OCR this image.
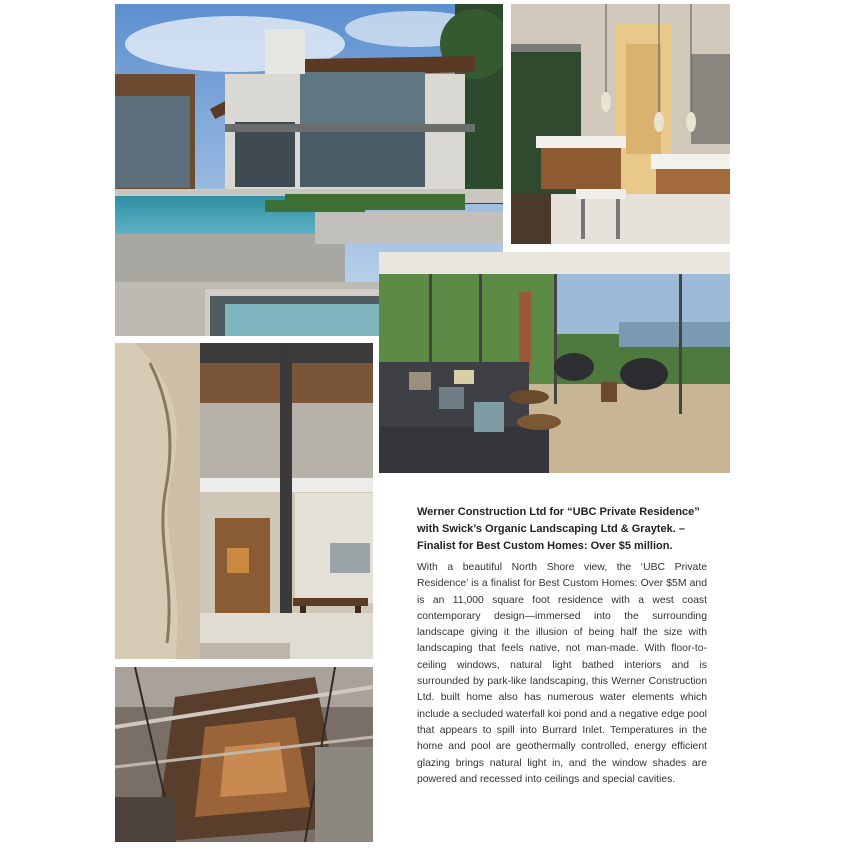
Werner Construction Ltd for “UBC Private Residence” with Swick’s Organic Landscaping Ltd & Graytek. – Finalist for Best Custom Homes: Over $5 million.

With a beautiful North Shore view, the ‘UBC Private Residence’ is a finalist for Best Custom Homes: Over $5M and is an 11,000 square foot residence with a west coast contemporary design—immersed into the surrounding landscape giving it the illusion of being half the size with landscaping that feels native, not man-made. With floor-to-ceiling windows, natural light bathed interiors and is surrounded by park-like landscaping, this Werner Construction Ltd. built home also has numerous water elements which include a secluded waterfall koi pond and a negative edge pool that appears to spill into Burrard Inlet. Temperatures in the home and pool are geothermally controlled, energy efficient glazing brings natural light in, and the window shades are powered and recessed into ceilings and special cavities.
